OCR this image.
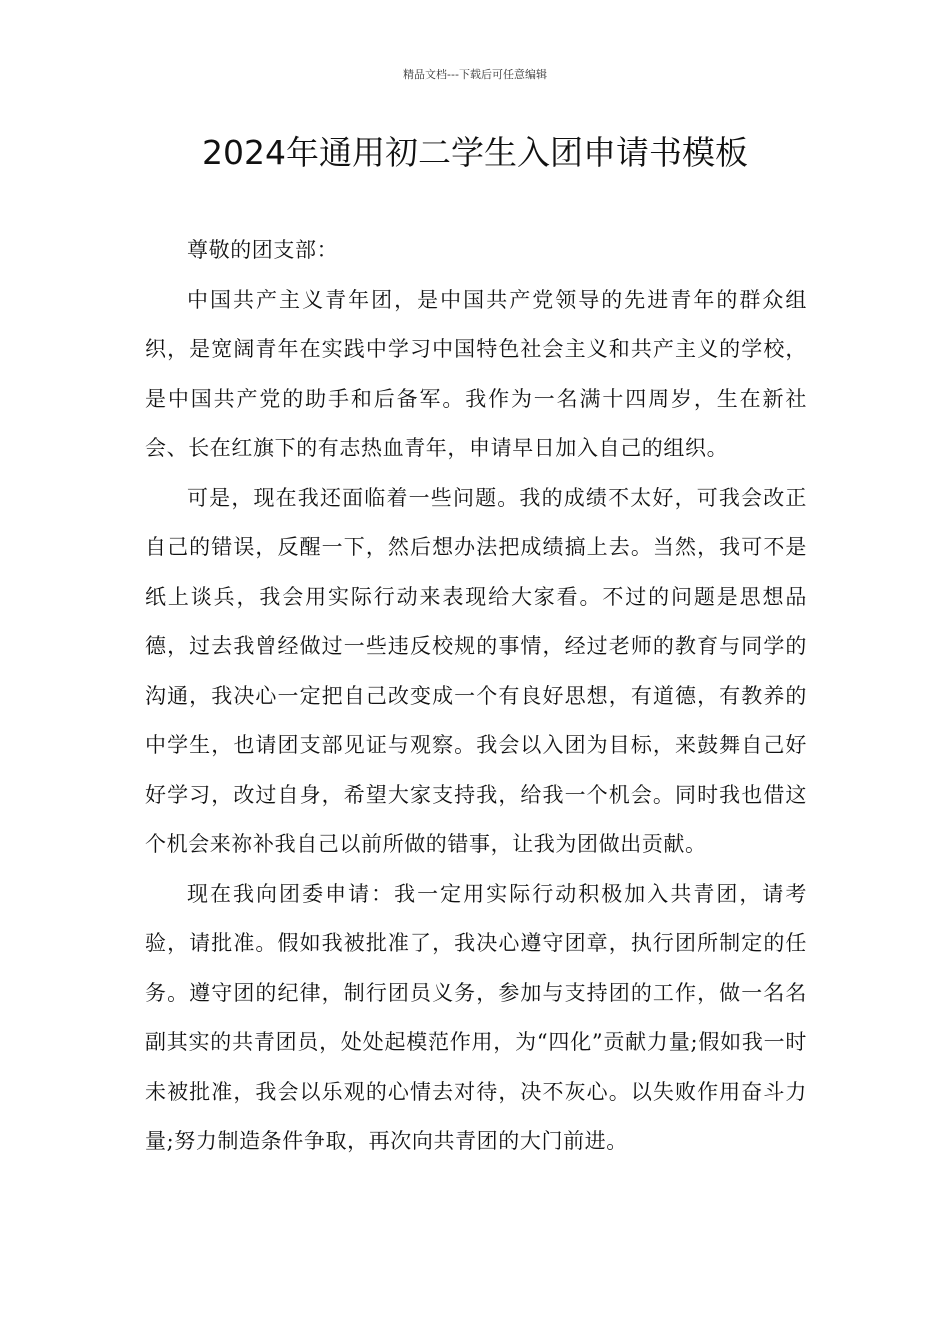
精品文档---下载后可任意编辑
2024年通用初二学生入团申请书模板

尊敬的团支部：

中国共产主义青年团，是中国共产党领导的先进青年的群众组织，是宽阔青年在实践中学习中国特色社会主义和共产主义的学校，是中国共产党的助手和后备军。我作为一名满十四周岁，生在新社会、长在红旗下的有志热血青年，申请早日加入自己的组织。

可是，现在我还面临着一些问题。我的成绩不太好，可我会改正自己的错误，反醒一下，然后想办法把成绩搞上去。当然，我可不是纸上谈兵，我会用实际行动来表现给大家看。不过的问题是思想品德，过去我曾经做过一些违反校规的事情，经过老师的教育与同学的沟通，我决心一定把自己改变成一个有良好思想，有道德，有教养的中学生，也请团支部见证与观察。我会以入团为目标，来鼓舞自己好好学习，改过自身，希望大家支持我，给我一个机会。同时我也借这个机会来祢补我自己以前所做的错事，让我为团做出贡献。

现在我向团委申请：我一定用实际行动积极加入共青团，请考验，请批准。假如我被批准了，我决心遵守团章，执行团所制定的任务。遵守团的纪律，制行团员义务，参加与支持团的工作，做一名名副其实的共青团员，处处起模范作用，为“四化”贡献力量;假如我一时未被批准，我会以乐观的心情去对待，决不灰心。以失败作用奋斗力量;努力制造条件争取，再次向共青团的大门前进。
